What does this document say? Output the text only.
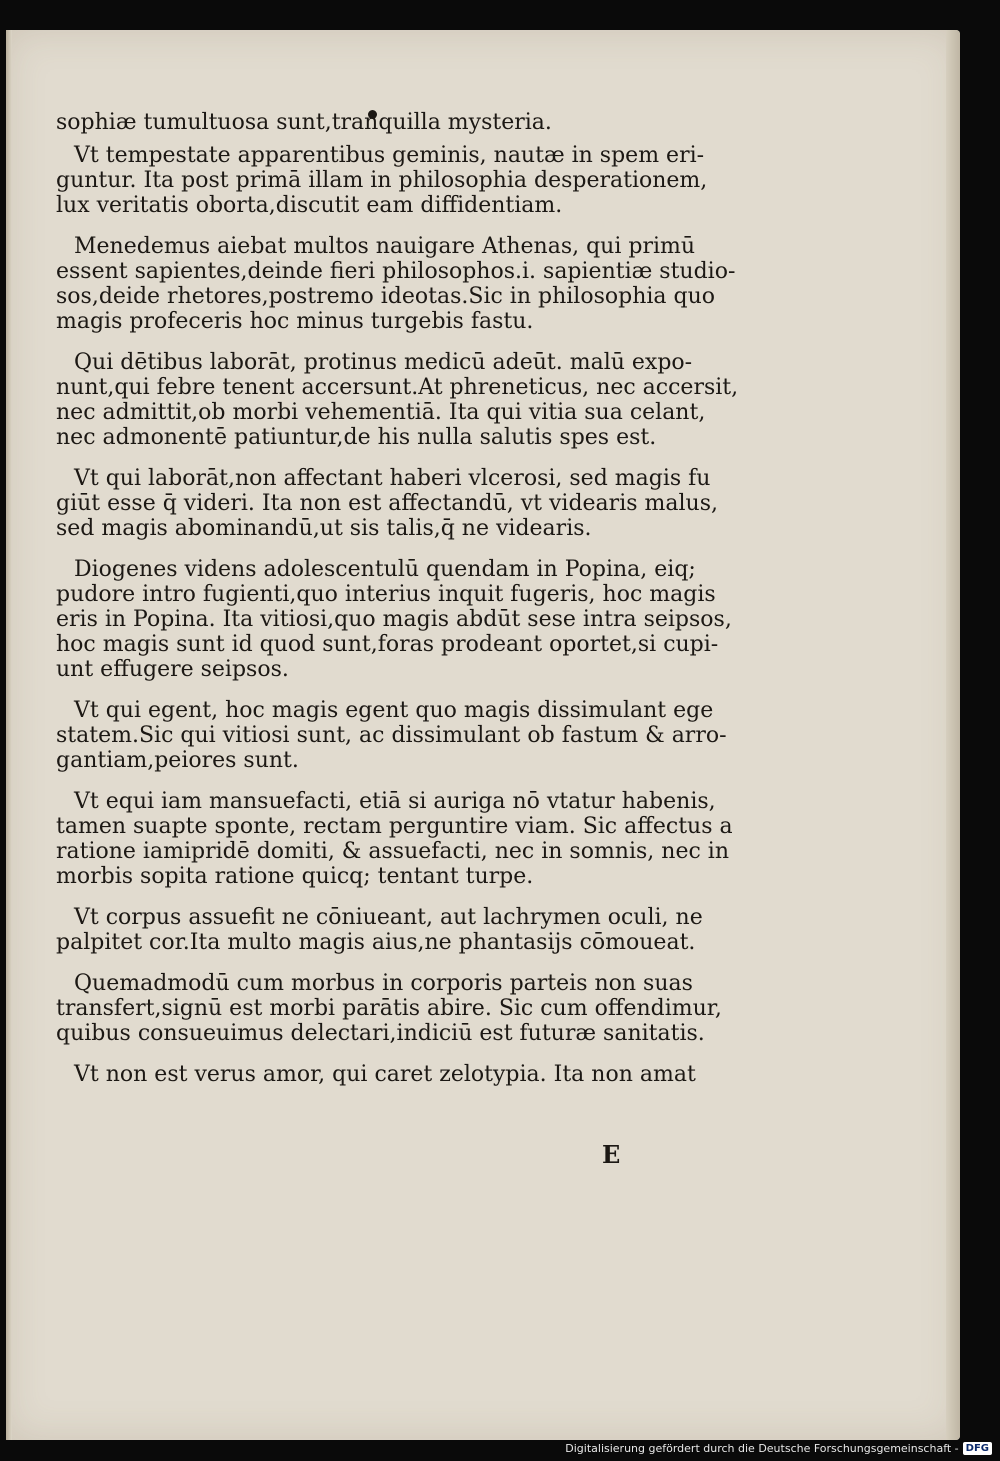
sophiæ tumultuosa sunt,tranquilla mysteria.
Vt tempestate apparentibus geminis, nautæ in spem eri-
guntur. Ita post primā illam in philosophia desperationem,
lux veritatis oborta,discutit eam diffidentiam.
Menedemus aiebat multos nauigare Athenas, qui primū
essent sapientes,deinde fieri philosophos.i. sapientiæ studio-
sos,deide rhetores,postremo ideotas.Sic in philosophia quo
magis profeceris hoc minus turgebis fastu.
Qui dētibus laborāt, protinus medicū adeūt. malū expo-
nunt,qui febre tenent accersunt.At phreneticus, nec accersit,
nec admittit,ob morbi vehementiā. Ita qui vitia sua celant,
nec admonentē patiuntur,de his nulla salutis spes est.
Vt qui laborāt,non affectant haberi vlcerosi, sed magis fu
giūt esse q̄ videri. Ita non est affectandū, vt videaris malus,
sed magis abominandū,ut sis talis,q̄ ne videaris.
Diogenes videns adolescentulū quendam in Popina, eiq;
pudore intro fugienti,quo interius inquit fugeris, hoc magis
eris in Popina. Ita vitiosi,quo magis abdūt sese intra seipsos,
hoc magis sunt id quod sunt,foras prodeant oportet,si cupi-
unt effugere seipsos.
Vt qui egent, hoc magis egent quo magis dissimulant ege
statem.Sic qui vitiosi sunt, ac dissimulant ob fastum & arro-
gantiam,peiores sunt.
Vt equi iam mansuefacti, etiā si auriga nō vtatur habenis,
tamen suapte sponte, rectam perguntire viam. Sic affectus a
ratione iamipridē domiti, & assuefacti, nec in somnis, nec in
morbis sopita ratione quicq; tentant turpe.
Vt corpus assuefit ne cōniueant, aut lachrymen oculi, ne
palpitet cor.Ita multo magis aius,ne phantasijs cōmoueat.
Quemadmodū cum morbus in corporis parteis non suas
transfert,signū est morbi parātis abire. Sic cum offendimur,
quibus consueuimus delectari,indiciū est futuræ sanitatis.
Vt non est verus amor, qui caret zelotypia. Ita non amat
E
Digitalisierung gefördert durch die Deutsche Forschungsgemeinschaft - DFG
